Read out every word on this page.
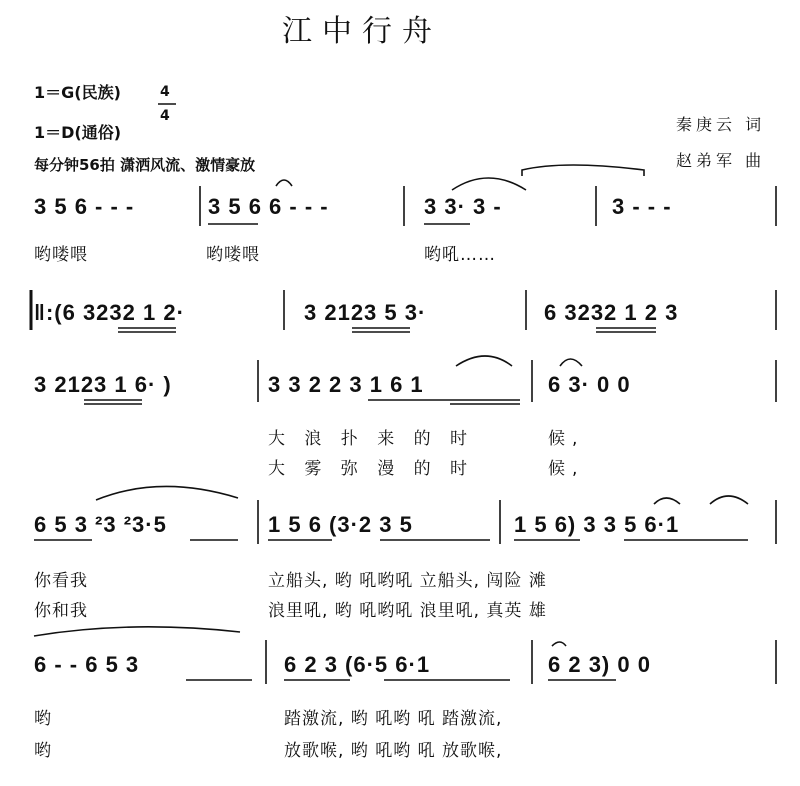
江中行舟
1＝G(民族)
1＝D(通俗)
4
4
每分钟56拍 潇洒风流、激情豪放
秦庚云 词
赵弟军 曲
3 5 6 - - -	3 5 6 6 - - -	3 3· 3 -	3 - - -
哟喽喂	哟喽喂	哟吼……
‖:(6 3232 1 2·	3 2123 5 3·	6 3232 1 2 3
3 2123 1 6· )	3 3 2 2 3 1 6 1	6 3· 0 0
大 浪 扑 来 的 时	候,
大 雾 弥 漫 的 时	候,
6 5 3 ²3 ²3·5	1 5 6 (3·2 3 5	1 5 6) 3 3 5 6·1
你看我	立船头, 哟 吼哟吼 立船头, 闯险 滩
你和我	浪里吼, 哟 吼哟吼 浪里吼, 真英 雄
6 - - 6 5 3	6 2 3 (6·5 6·1	6 2 3) 0 0
哟	踏激流, 哟 吼哟 吼 踏激流,
哟	放歌喉, 哟 吼哟 吼 放歌喉,
